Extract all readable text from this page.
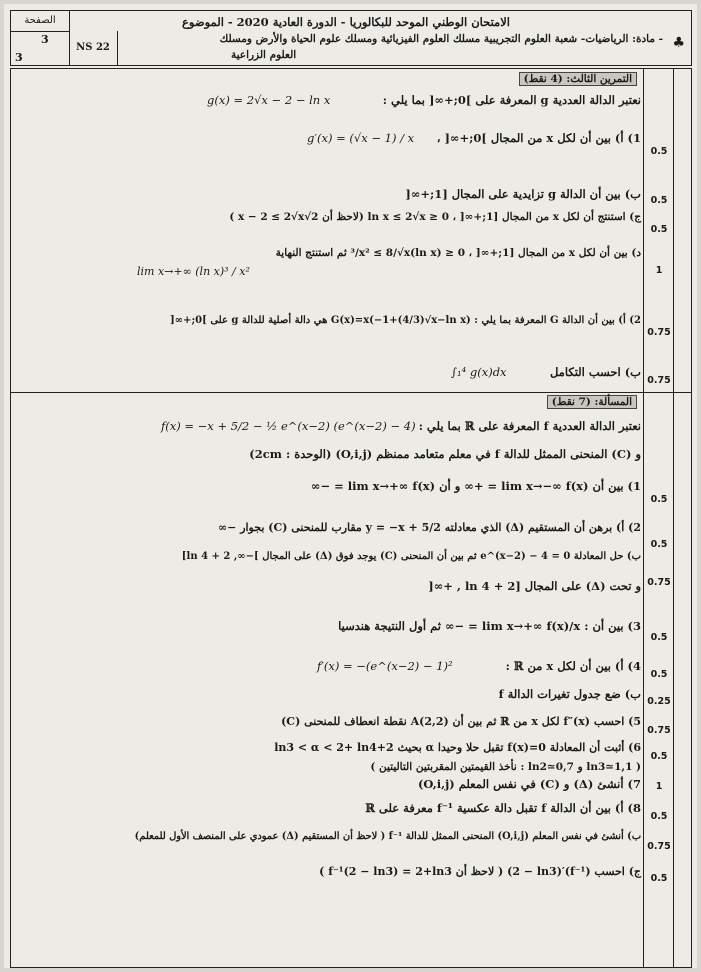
الصفحة
3
3
NS 22
الامتحان الوطني الموحد للبكالوريا - الدورة العادية 2020 - الموضوع
- مادة: الرياضيات- شعبة العلوم التجريبية مسلك العلوم الفيزيائية ومسلك علوم الحياة والأرض ومسلك
العلوم الزراعية
♣
التمرين الثالث: (4 نقط)
نعتبر الدالة العددية g المعرفة على ]0;+∞[ بما يلي :
g(x) = 2√x − 2 − ln x
1) أ) بين أن لكل x من المجال ]0;+∞[ ،
g′(x) = (√x − 1) / x
0.5
ب) بين أن الدالة g تزايدية على المجال [1;+∞[	0.5
ج) استنتج أن لكل x من المجال [1;+∞[ ، 0 ≤ ln x ≤ 2√x (لاحظ أن 2√x − 2 ≤ 2√x )
0.5
د) بين أن لكل x من المجال [1;+∞[ ، 0 ≤ (ln x)³/x² ≤ 8/√x ثم استنتج النهاية
lim x→+∞ (ln x)³ / x²	1
2) أ) بين أن الدالة G المعرفة بما يلي : G(x)=x(−1+(4/3)√x−ln x) هي دالة أصلية للدالة g على ]0;+∞[
0.75
ب) احسب التكامل
∫₁⁴ g(x)dx
0.75
المسألة: (7 نقط)
نعتبر الدالة العددية f المعرفة على ℝ بما يلي :
f(x) = −x + 5/2 − ½ e^(x−2) (e^(x−2) − 4)
و (C) المنحنى الممثل للدالة f في معلم متعامد ممنظم (O,i,j) (الوحدة : 2cm)
1) بين أن lim x→−∞ f(x) = +∞ و أن lim x→+∞ f(x) = −∞
0.5
2) أ) برهن أن المستقيم (Δ) الذي معادلته y = −x + 5/2 مقارب للمنحنى (C) بجوار −∞
0.5
ب) حل المعادلة e^(x−2) − 4 = 0 ثم بين أن المنحنى (C) يوجد فوق (Δ) على المجال ]−∞, 2 + ln 4]
0.75
و تحت (Δ) على المجال [2 + ln 4 , +∞[
3) بين أن : lim x→+∞ f(x)/x = −∞ ثم أول النتيجة هندسيا
0.5
4) أ) بين أن لكل x من ℝ :
f′(x) = −(e^(x−2) − 1)²
0.5
ب) ضع جدول تغيرات الدالة f
0.25
5) احسب f″(x) لكل x من ℝ ثم بين أن A(2,2) نقطة انعطاف للمنحنى (C)
0.75
6) أثبت أن المعادلة f(x)=0 تقبل حلا وحيدا α بحيث 2+ln3 < α < 2+ ln4
0.5
( ln3≃1,1 و ln2≃0,7 : نأخذ القيمتين المقربتين التاليتين )
7) أنشئ (Δ) و (C) في نفس المعلم (O,i,j)	1
8) أ) بين أن الدالة f تقبل دالة عكسية f⁻¹ معرفة على ℝ
0.5
ب) أنشئ في نفس المعلم (O,i,j) المنحنى الممثل للدالة f⁻¹ ( لاحظ أن المستقيم (Δ) عمودي على المنصف الأول للمعلم)
0.75
ج) احسب (f⁻¹)′(2 − ln3) ( لاحظ أن f⁻¹(2 − ln3) = 2+ln3 )
0.5
